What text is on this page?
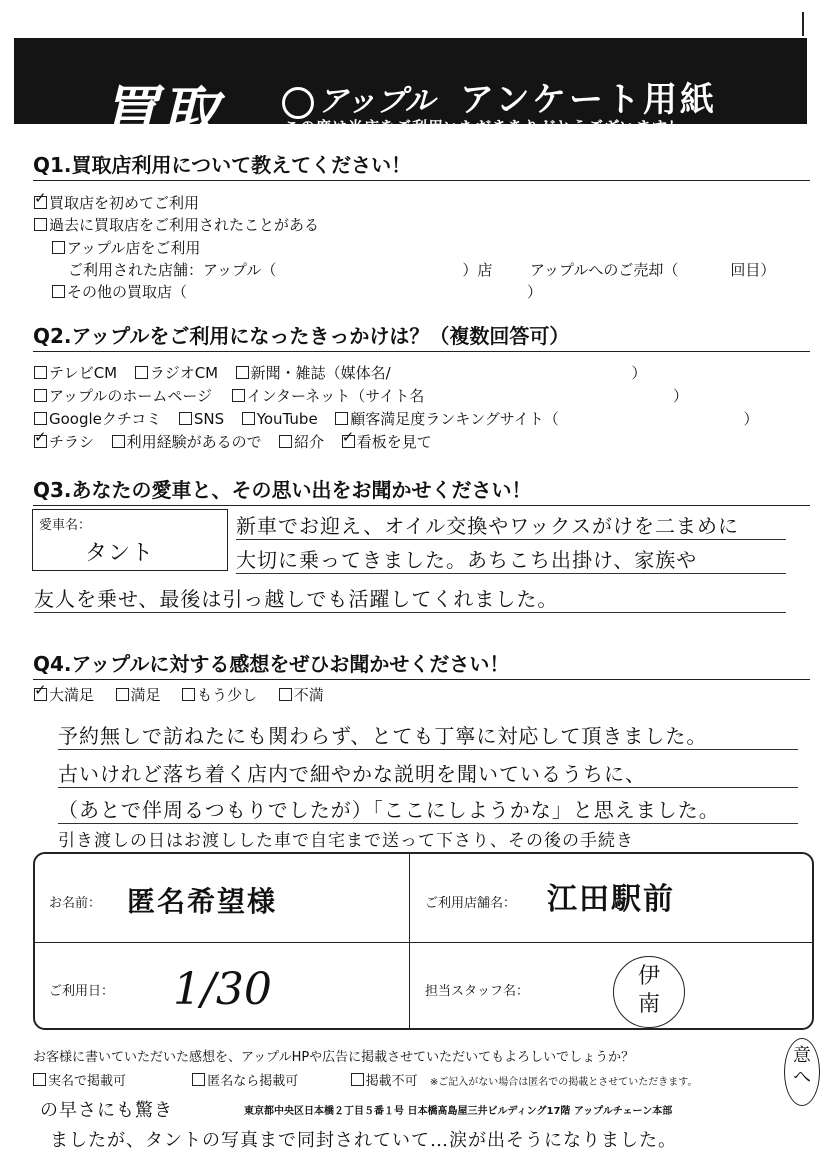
買取	アップル アンケート用紙
この度は当店をご利用いただきありがとうございます！
Q1.買取店利用について教えてください！
✓買取店を初めてご利用
過去に買取店をご利用されたことがある
アップル店をご利用
ご利用された店舗：アップル（	）店	アップルへのご売却（	回目）
その他の買取店（	）
Q2.アップルをご利用になったきっかけは？（複数回答可）
テレビCM ラジオCM 新聞・雑誌（媒体名/	）
アップルのホームページ インターネット（サイト名	）
Googleクチコミ SNS YouTube 顧客満足度ランキングサイト（	）
✓チラシ 利用経験があるので 紹介  ✓ 看板を見て
Q3.あなたの愛車と、その思い出をお聞かせください！
愛車名：
タント
新車でお迎え、オイル交換やワックスがけを二まめに
大切に乗ってきました。あちこち出掛け、家族や
友人を乗せ、最後は引っ越しでも活躍してくれました。
Q4.アップルに対する感想をぜひお聞かせください！
✓大満足 満足 もう少し 不満
予約無しで訪ねたにも関わらず、とても丁寧に対応して頂きました。
古いけれど落ち着く店内で細やかな説明を聞いているうちに、
（あとで伴周るつもりでしたが）「ここにしようかな」と思えました。
引き渡しの日はお渡しした車で自宅まで送って下さり、その後の手続き
お名前： 匿名希望様	ご利用店舗名： 江田駅前
ご利用日： 1/30	担当スタッフ名：
伊南
お客様に書いていただいた感想を、アップルHPや広告に掲載させていただいてもよろしいでしょうか？
実名で掲載可	匿名なら掲載可	掲載不可 ※ご記入がない場合は匿名での掲載とさせていただきます。
意へ
の早さにも驚き	東京都中央区日本橋２丁目５番１号 日本橋髙島屋三井ビルディング17階 アップルチェーン本部
ましたが、タントの写真まで同封されていて…涙が出そうになりました。
